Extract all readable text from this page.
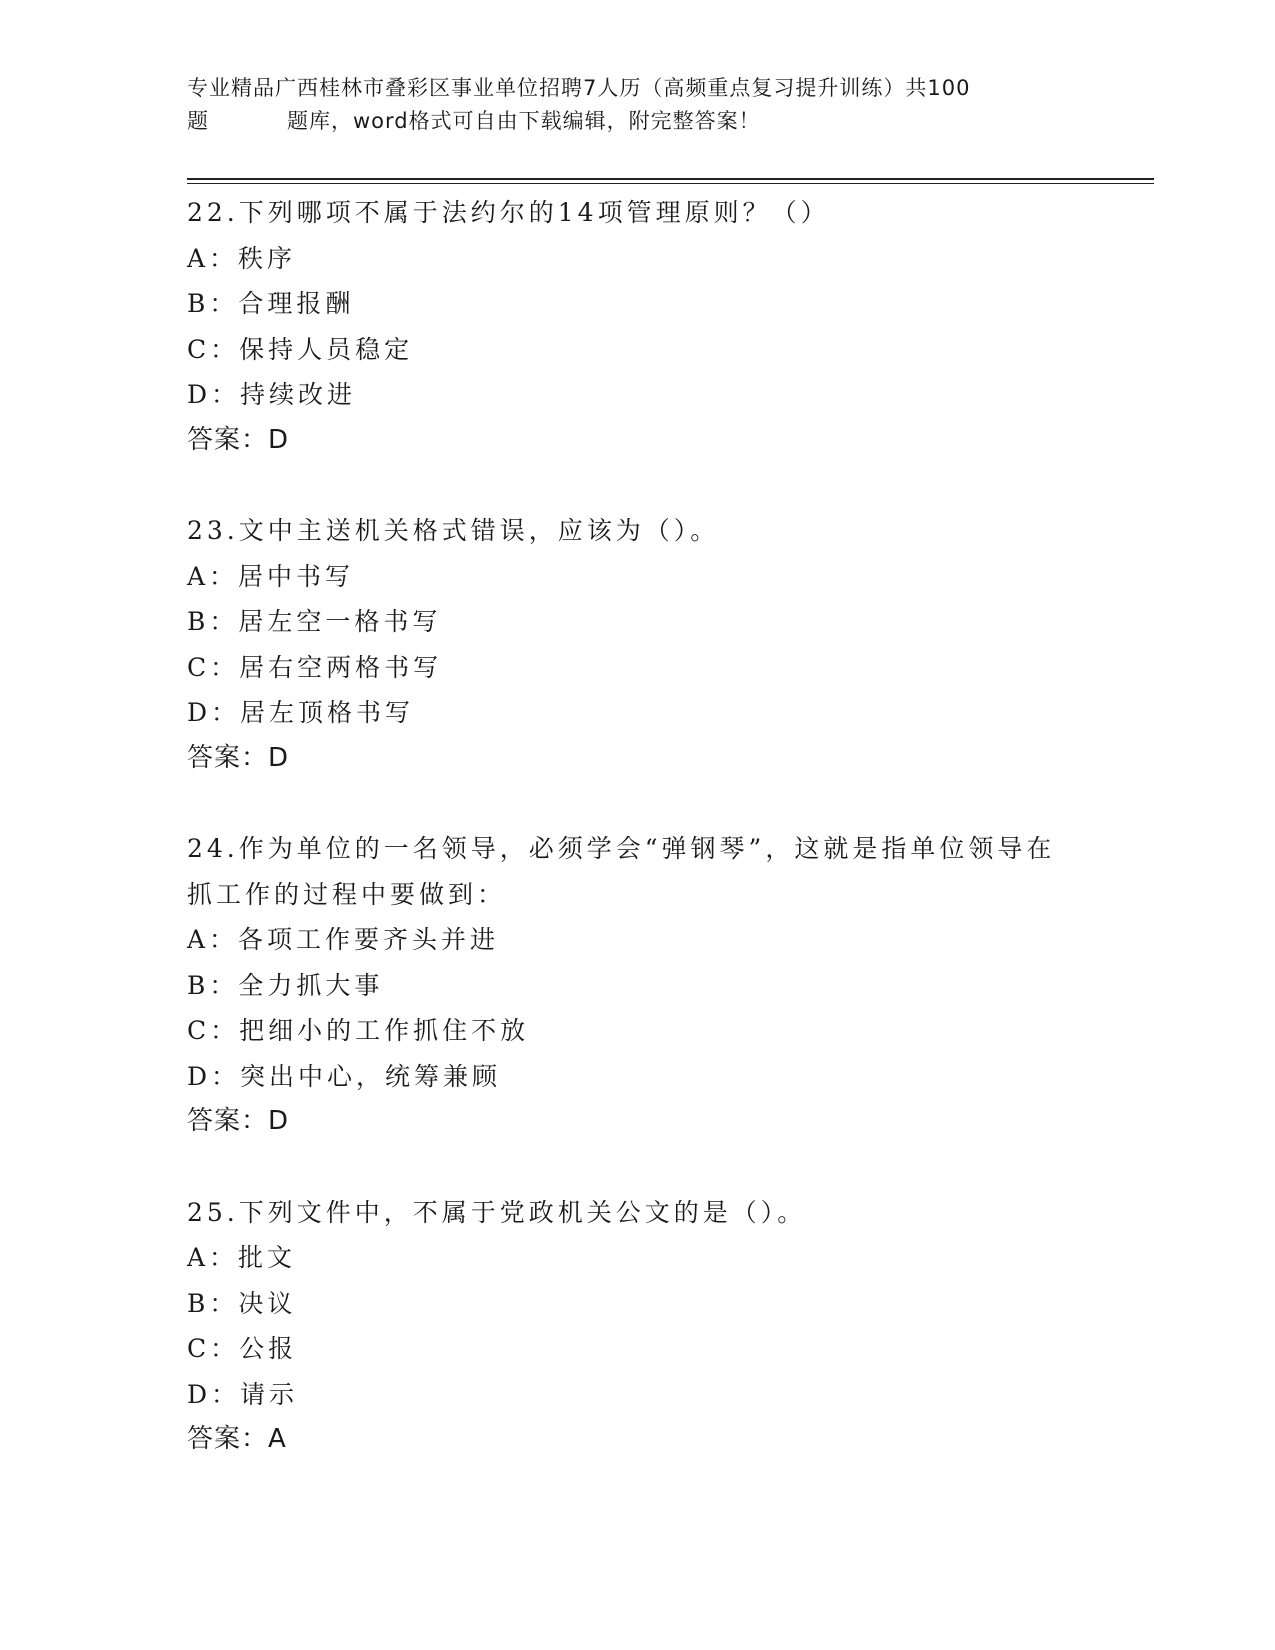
专业精品广西桂林市叠彩区事业单位招聘7人历（高频重点复习提升训练）共100
题	题库，word格式可自由下载编辑，附完整答案！

22.下列哪项不属于法约尔的14项管理原则？（）

A：秩序

B：合理报酬

C：保持人员稳定

D：持续改进

答案：D

23.文中主送机关格式错误，应该为（）。

A：居中书写

B：居左空一格书写

C：居右空两格书写

D：居左顶格书写

答案：D

24.作为单位的一名领导，必须学会“弹钢琴”，这就是指单位领导在

抓工作的过程中要做到：

A：各项工作要齐头并进

B：全力抓大事

C：把细小的工作抓住不放

D：突出中心，统筹兼顾

答案：D

25.下列文件中，不属于党政机关公文的是（）。

A：批文

B：决议

C：公报

D：请示

答案：A
